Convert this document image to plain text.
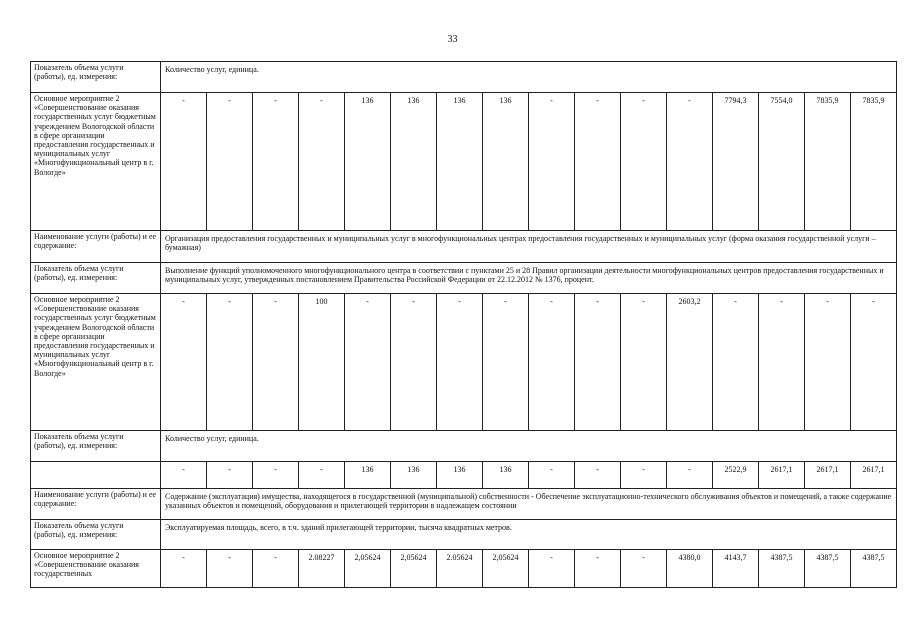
33
Показатель объема услуги (работы), ед. измерения:	Количество услуг, единица.															
Основное мероприятие 2 «Совершенствование оказания государственных услуг бюджетным учреждением Вологодской области в сфере организации предоставления государственных и муниципальных услуг «Многофункциональный центр в г. Вологде»	-	-	-	-	136	136	136	136	-	-	-	-	7794,3	7554,0	7835,9	7835,9
Наименование услуги (работы) и ее содержание:	Организация предоставления государственных и муниципальных услуг в многофункциональных центрах предоставления государственных и муниципальных услуг (форма оказания государственной услуги – бумажная)															
Показатель объема услуги (работы), ед. измерения:	Выполнение функций уполномоченного многофункционального центра в соответствии с пунктами 25 и 28 Правил организации деятельности многофункциональных центров предоставления государственных и муниципальных услуг, утвержденных постановлением Правительства Российской Федерации от 22.12.2012 № 1376, процент.															
Основное мероприятие 2 «Совершенствование оказания государственных услуг бюджетным учреждением Вологодской области в сфере организации предоставления государственных и муниципальных услуг «Многофункциональный центр в г. Вологде»	-	-	-	100	-	-	-	-	-	-	-	2603,2	-	-	-	-
Показатель объема услуги (работы), ед. измерения:	Количество услуг, единица.															
	-	-	-	-	136	136	136	136	-	-	-	-	2522,9	2617,1	2617,1	2617,1
Наименование услуги (работы) и ее содержание:	Содержание (эксплуатация) имущества, находящегося в государственной (муниципальной) собственности - Обеспечение эксплуатационно-технического обслуживания объектов и помещений, а также содержание указанных объектов и помещений, оборудования и прилегающей территории в надлежащем состоянии															
Показатель объема услуги (работы), ед. измерения:	Эксплуатируемая площадь, всего, в т.ч. зданий прилегающей территории, тысяча квадратных метров.															
Основное мероприятие 2 «Совершенствование оказания государственных	-	-	-	2.08227	2,05624	2,05624	2.05624	2,05624	-	-	-	4380,0	4143,7	4387,5	4387,5	4387,5
